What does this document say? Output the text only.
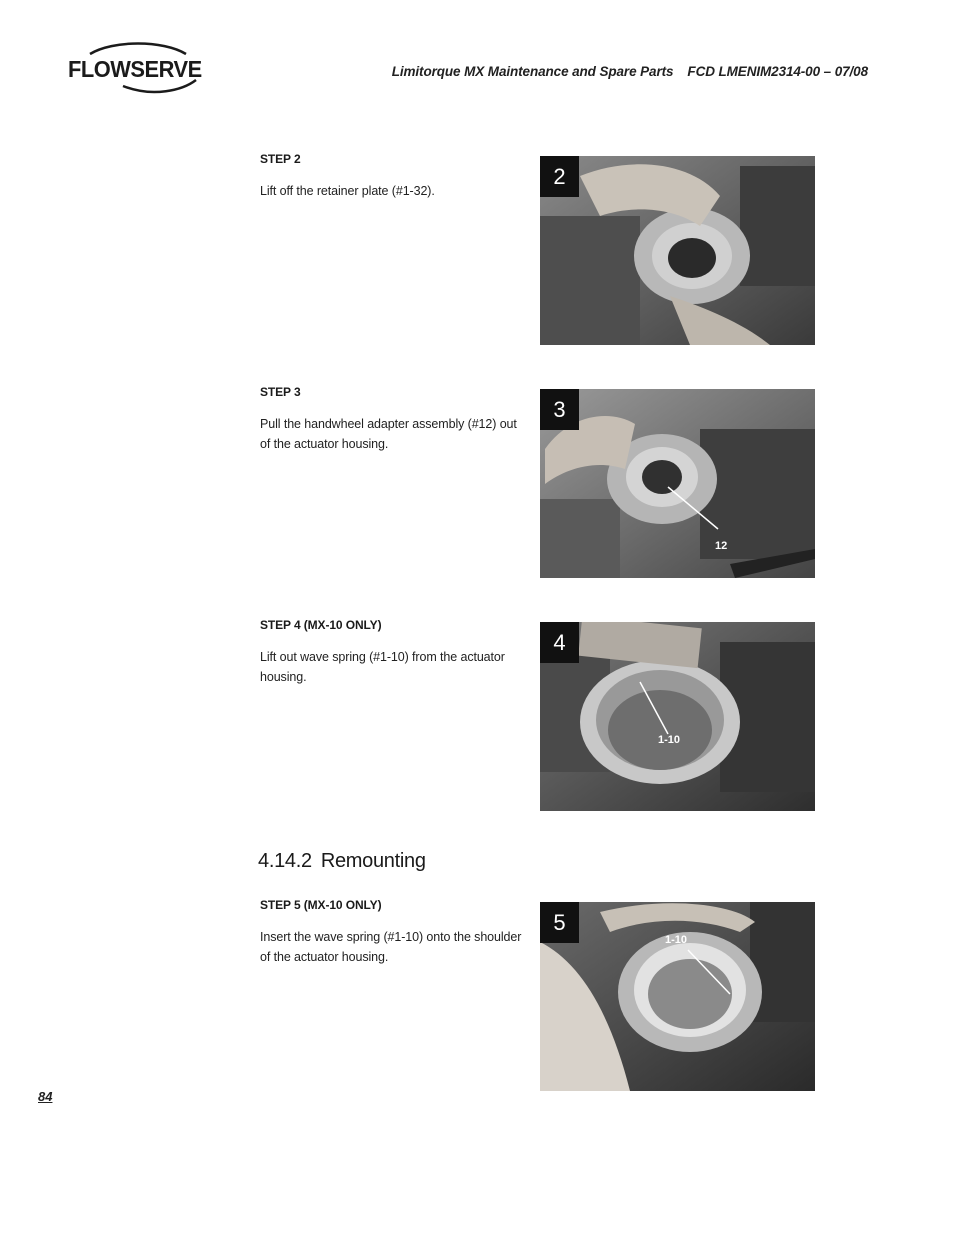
FLOWSERVE	Limitorque MX Maintenance and Spare Parts FCD LMENIM2314-00 – 07/08
STEP 2
Lift off the retainer plate (#1-32).
2
STEP 3
Pull the handwheel adapter assembly (#12) out of the actuator housing.
3
12
STEP 4 (MX-10 ONLY)
Lift out wave spring (#1-10) from the actuator housing.
4
1-10
4.14.2 Remounting
STEP 5 (MX-10 ONLY)
Insert the wave spring (#1-10) onto the shoulder of the actuator housing.
5
1-10
84
